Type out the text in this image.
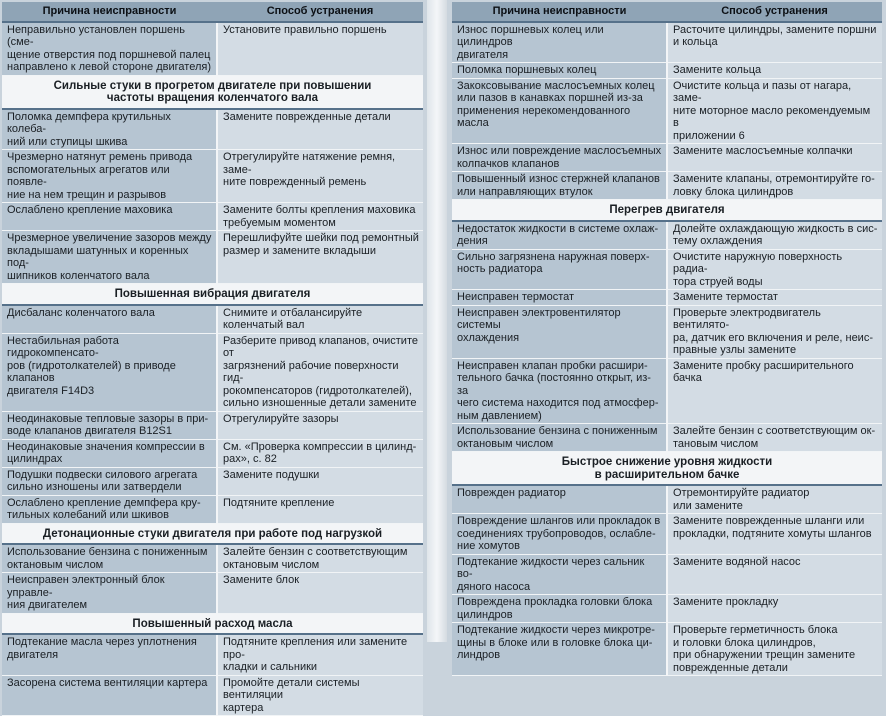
Причина неисправности	Способ устранения

Неправильно установлен поршень (сме-
щение отверстия под поршневой палец
направлено к левой стороне двигателя)	Установите правильно поршень

Сильные стуки в прогретом двигателе при повышении
частоты вращения коленчатого вала	

Поломка демпфера крутильных колеба-
ний или ступицы шкива	Замените поврежденные детали

Чрезмерно натянут ремень привода
вспомогательных агрегатов или появле-
ние на нем трещин и разрывов	Отрегулируйте натяжение ремня, заме-
ните поврежденный ремень

Ослаблено крепление маховика	Замените болты крепления маховика
требуемым моментом

Чрезмерное увеличение зазоров между
вкладышами шатунных и коренных под-
шипников коленчатого вала	Перешлифуйте шейки под ремонтный
размер и замените вкладыши

Повышенная вибрация двигателя	

Дисбаланс коленчатого вала	Снимите и отбалансируйте коленчатый вал

Нестабильная работа гидрокомпенсато-
ров (гидротолкателей) в приводе клапанов
двигателя F14D3	Разберите привод клапанов, очистите от
загрязнений рабочие поверхности гид-
рокомпенсаторов (гидротолкателей),
сильно изношенные детали замените

Неодинаковые тепловые зазоры в при-
воде клапанов двигателя B12S1	Отрегулируйте зазоры

Неодинаковые значения компрессии в
цилиндрах	См. «Проверка компрессии в цилинд-
рах», с. 82

Подушки подвески силового агрегата
сильно изношены или затвердели	Замените подушки

Ослаблено крепление демпфера кру-
тильных колебаний или шкивов	Подтяните крепление

Детонационные стуки двигателя при работе под нагрузкой	

Использование бензина с пониженным
октановым числом	Залейте бензин с соответствующим
октановым числом

Неисправен электронный блок управле-
ния двигателем	Замените блок

Повышенный расход масла	

Подтекание масла через уплотнения
двигателя	Подтяните крепления или замените про-
кладки и сальники

Засорена система вентиляции картера	Промойте детали системы вентиляции
картера
Причина неисправности	Способ устранения

Износ поршневых колец или цилиндров
двигателя	Расточите цилиндры, замените поршни
и кольца

Поломка поршневых колец	Замените кольца

Закоксовывание маслосъемных колец
или пазов в канавках поршней из-за
применения нерекомендованного масла	Очистите кольца и пазы от нагара, заме-
ните моторное масло рекомендуемым в
приложении 6

Износ или повреждение маслосъемных
колпачков клапанов	Замените маслосъемные колпачки

Повышенный износ стержней клапанов
или направляющих втулок	Замените клапаны, отремонтируйте го-
ловку блока цилиндров

Перегрев двигателя	

Недостаток жидкости в системе охлаж-
дения	Долейте охлаждающую жидкость в сис-
тему охлаждения

Сильно загрязнена наружная поверх-
ность радиатора	Очистите наружную поверхность радиа-
тора струей воды

Неисправен термостат	Замените термостат

Неисправен электровентилятор системы
охлаждения	Проверьте электродвигатель вентилято-
ра, датчик его включения и реле, неис-
правные узлы замените

Неисправен клапан пробки расшири-
тельного бачка (постоянно открыт, из-за
чего система находится под атмосфер-
ным давлением)	Замените пробку расширительного
бачка

Использование бензина с пониженным
октановым числом	Залейте бензин с соответствующим ок-
тановым числом

Быстрое снижение уровня жидкости
в расширительном бачке	

Поврежден радиатор	Отремонтируйте радиатор
или замените

Повреждение шлангов или прокладок в
соединениях трубопроводов, ослабле-
ние хомутов	Замените поврежденные шланги или
прокладки, подтяните хомуты шлангов

Подтекание жидкости через сальник во-
дяного насоса	Замените водяной насос

Повреждена прокладка головки блока
цилиндров	Замените прокладку

Подтекание жидкости через микротре-
щины в блоке или в головке блока ци-
линдров	Проверьте герметичность блока
и головки блока цилиндров,
при обнаружении трещин замените
поврежденные детали
